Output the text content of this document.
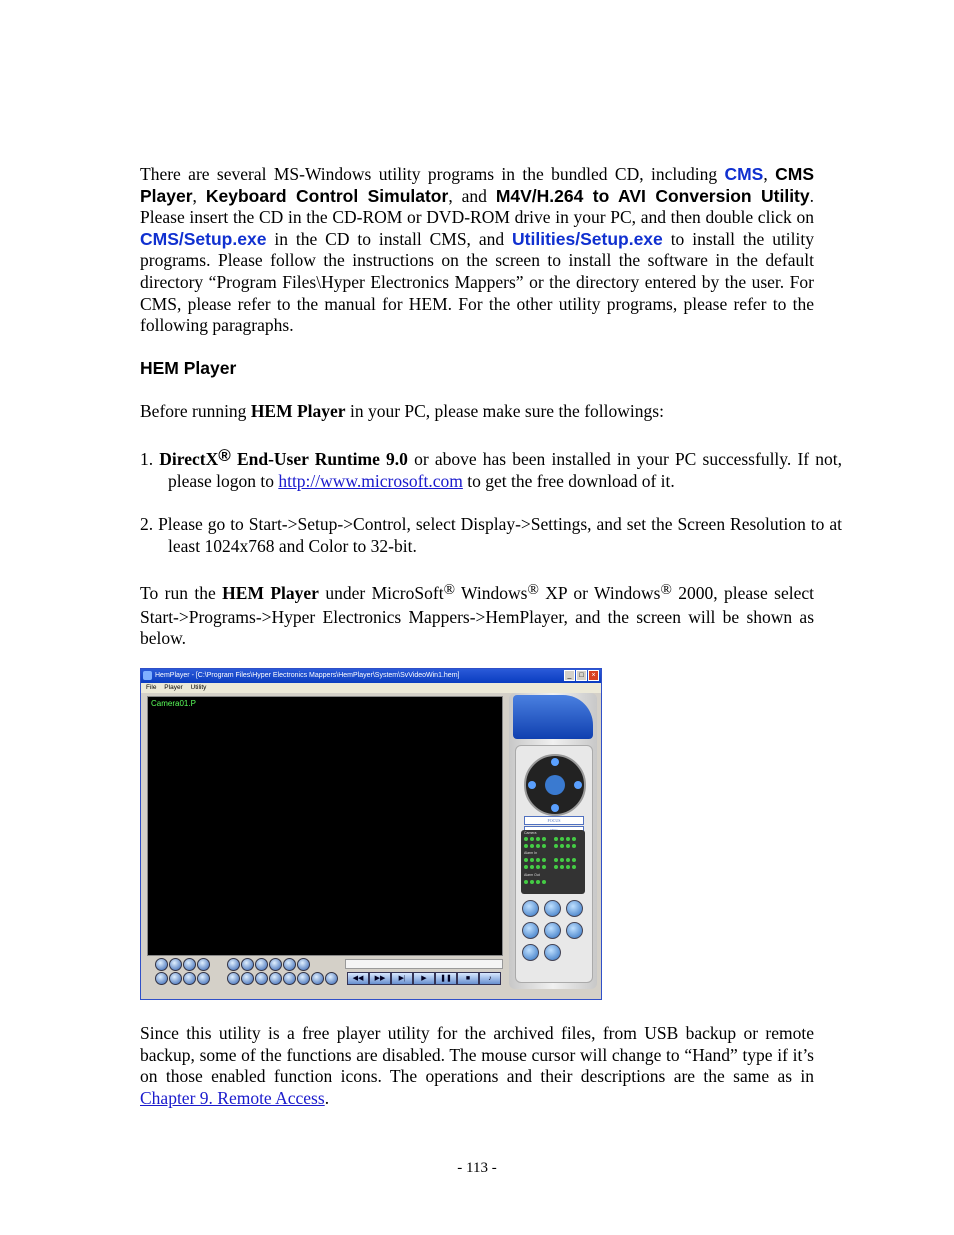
There are several MS-Windows utility programs in the bundled CD, including CMS, CMS Player, Keyboard Control Simulator, and M4V/H.264 to AVI Conversion Utility. Please insert the CD in the CD-ROM or DVD-ROM drive in your PC, and then double click on CMS/Setup.exe in the CD to install CMS, and Utilities/Setup.exe to install the utility programs. Please follow the instructions on the screen to install the software in the default directory “Program Files\Hyper Electronics Mappers” or the directory entered by the user. For CMS, please refer to the manual for HEM. For the other utility programs, please refer to the following paragraphs.
HEM Player
Before running HEM Player in your PC, please make sure the followings:
1. DirectX® End-User Runtime 9.0 or above has been installed in your PC successfully. If not, please logon to http://www.microsoft.com to get the free download of it.
2. Please go to Start->Setup->Control, select Display->Settings, and set the Screen Resolution to at least 1024x768 and Color to 32-bit.
To run the HEM Player under MicroSoft® Windows® XP or Windows® 2000, please select Start->Programs->Hyper Electronics Mappers->HemPlayer, and the screen will be shown as below.
HemPlayer - [C:\Program Files\Hyper Electronics Mappers\HemPlayer\System\SvVideoWin1.hem]	_	□	×
File Player Utility
Camera01.P
FOCUS
Camera
Alarm In
Alarm Out
◀◀	▶▶	▶|	▶	❚❚	■	♪
Since this utility is a free player utility for the archived files, from USB backup or remote backup, some of the functions are disabled. The mouse cursor will change to “Hand” type if it’s on those enabled function icons. The operations and their descriptions are the same as in Chapter 9. Remote Access.
- 113 -
